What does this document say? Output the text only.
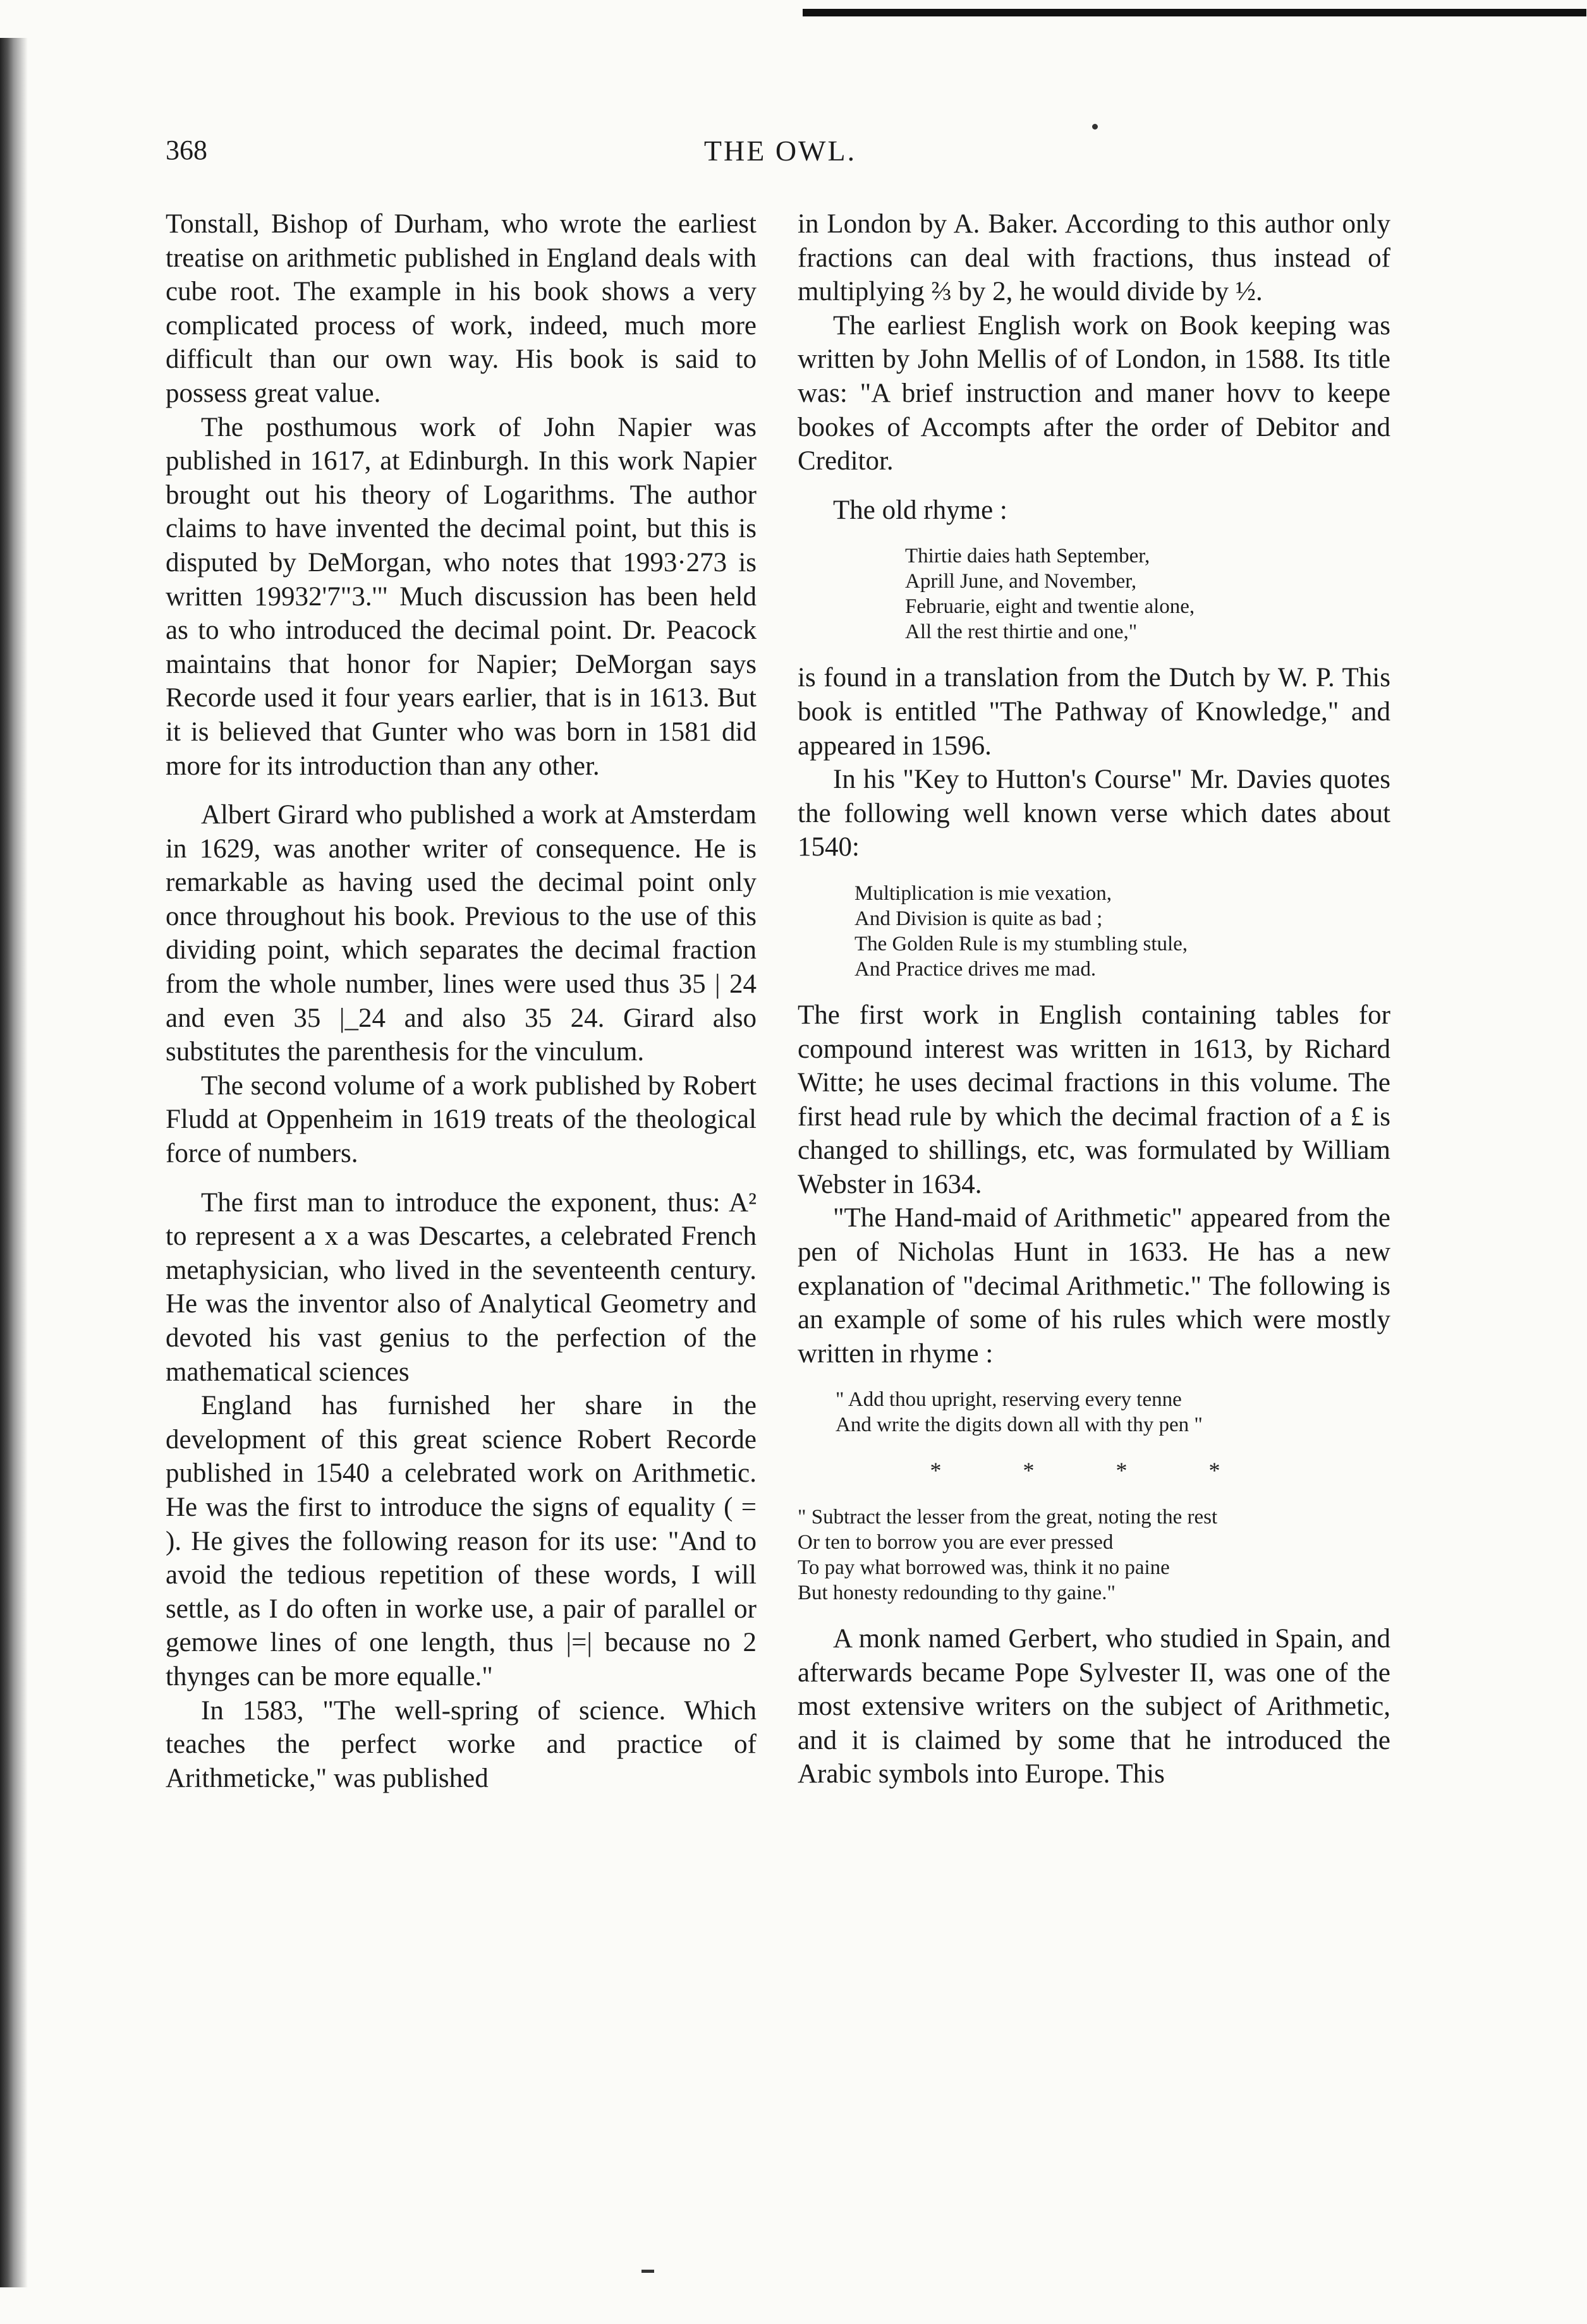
368	THE OWL.

Tonstall, Bishop of Durham, who wrote the earliest treatise on arithmetic published in England deals with cube root. The example in his book shows a very complicated process of work, indeed, much more difficult than our own way. His book is said to possess great value.

The posthumous work of John Napier was published in 1617, at Edinburgh. In this work Napier brought out his theory of Logarithms. The author claims to have invented the decimal point, but this is disputed by DeMorgan, who notes that 1993·273 is written 19932'7"3.'" Much discussion has been held as to who introduced the decimal point. Dr. Peacock maintains that honor for Napier; DeMorgan says Recorde used it four years earlier, that is in 1613. But it is believed that Gunter who was born in 1581 did more for its introduction than any other.

Albert Girard who published a work at Amsterdam in 1629, was another writer of consequence. He is remarkable as having used the decimal point only once throughout his book. Previous to the use of this dividing point, which separates the decimal fraction from the whole number, lines were used thus 35 | 24 and even 35 |_24 and also 35 24. Girard also substitutes the parenthesis for the vinculum.

The second volume of a work published by Robert Fludd at Oppenheim in 1619 treats of the theological force of numbers.

The first man to introduce the exponent, thus: A² to represent a x a was Descartes, a celebrated French metaphysician, who lived in the seventeenth century. He was the inventor also of Analytical Geometry and devoted his vast genius to the perfection of the mathematical sciences

England has furnished her share in the development of this great science Robert Recorde published in 1540 a celebrated work on Arithmetic. He was the first to introduce the signs of equality ( = ). He gives the following reason for its use: "And to avoid the tedious repetition of these words, I will settle, as I do often in worke use, a pair of parallel or gemowe lines of one length, thus |=| because no 2 thynges can be more equalle."

In 1583, "The well-spring of science. Which teaches the perfect worke and practice of Arithmeticke," was published

in London by A. Baker. According to this author only fractions can deal with fractions, thus instead of multiplying ⅔ by 2, he would divide by ½.

The earliest English work on Book keeping was written by John Mellis of of London, in 1588. Its title was: "A brief instruction and maner hovv to keepe bookes of Accompts after the order of Debitor and Creditor.

The old rhyme :

Thirtie daies hath September,
Aprill June, and November,
Februarie, eight and twentie alone,
All the rest thirtie and one,"

is found in a translation from the Dutch by W. P. This book is entitled "The Pathway of Knowledge," and appeared in 1596.

In his "Key to Hutton's Course" Mr. Davies quotes the following well known verse which dates about 1540:

Multiplication is mie vexation,
And Division is quite as bad ;
The Golden Rule is my stumbling stule,
And Practice drives me mad.

The first work in English containing tables for compound interest was written in 1613, by Richard Witte; he uses decimal fractions in this volume. The first head rule by which the decimal fraction of a £ is changed to shillings, etc, was formulated by William Webster in 1634.

"The Hand-maid of Arithmetic" appeared from the pen of Nicholas Hunt in 1633. He has a new explanation of "decimal Arithmetic." The following is an example of some of his rules which were mostly written in rhyme :

" Add thou upright, reserving every tenne
And write the digits down all with thy pen "
* * * *
" Subtract the lesser from the great, noting the rest
Or ten to borrow you are ever pressed
To pay what borrowed was, think it no paine
But honesty redounding to thy gaine."

A monk named Gerbert, who studied in Spain, and afterwards became Pope Sylvester II, was one of the most extensive writers on the subject of Arithmetic, and it is claimed by some that he introduced the Arabic symbols into Europe. This
